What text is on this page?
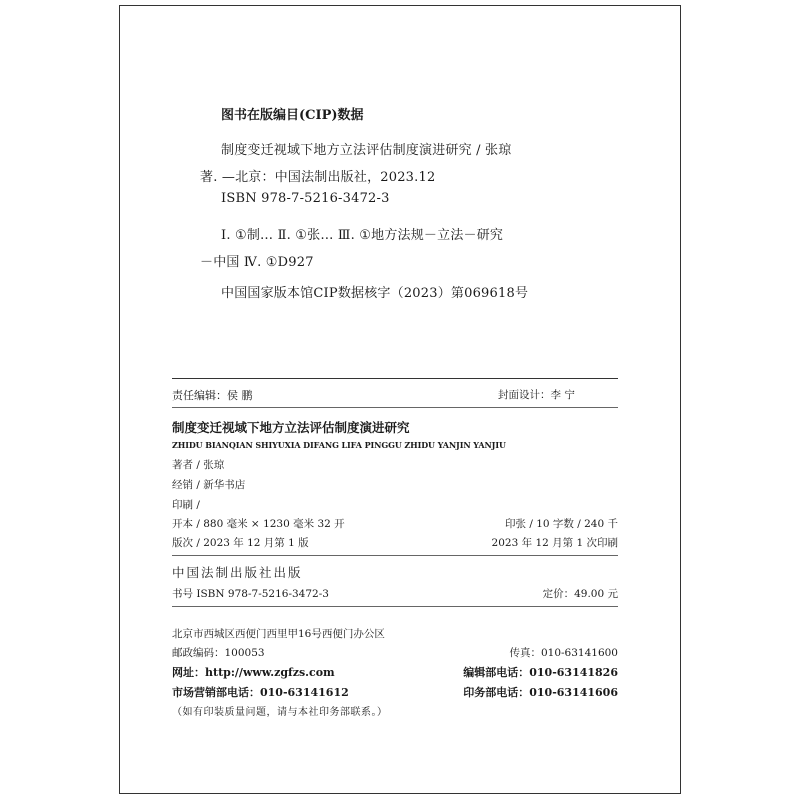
图书在版编目(CIP)数据
制度变迁视域下地方立法评估制度演进研究 / 张琼
著. —北京：中国法制出版社，2023.12
ISBN 978-7-5216-3472-3
Ⅰ. ①制… Ⅱ. ①张… Ⅲ. ①地方法规－立法－研究
－中国 Ⅳ. ①D927
中国国家版本馆CIP数据核字（2023）第069618号
责任编辑：侯 鹏	封面设计：李 宁
制度变迁视域下地方立法评估制度演进研究
ZHIDU BIANQIAN SHIYUXIA DIFANG LIFA PINGGU ZHIDU YANJIN YANJIU
著者 / 张琼
经销 / 新华书店
印刷 /
开本 / 880 毫米 × 1230 毫米 32 开	印张 / 10 字数 / 240 千
版次 / 2023 年 12 月第 1 版	2023 年 12 月第 1 次印刷
中国法制出版社出版
书号 ISBN 978-7-5216-3472-3	定价：49.00 元
北京市西城区西便门西里甲16号西便门办公区
邮政编码：100053	传真：010-63141600
网址：http://www.zgfzs.com	编辑部电话：010-63141826
市场营销部电话：010-63141612	印务部电话：010-63141606
（如有印装质量问题，请与本社印务部联系。）
